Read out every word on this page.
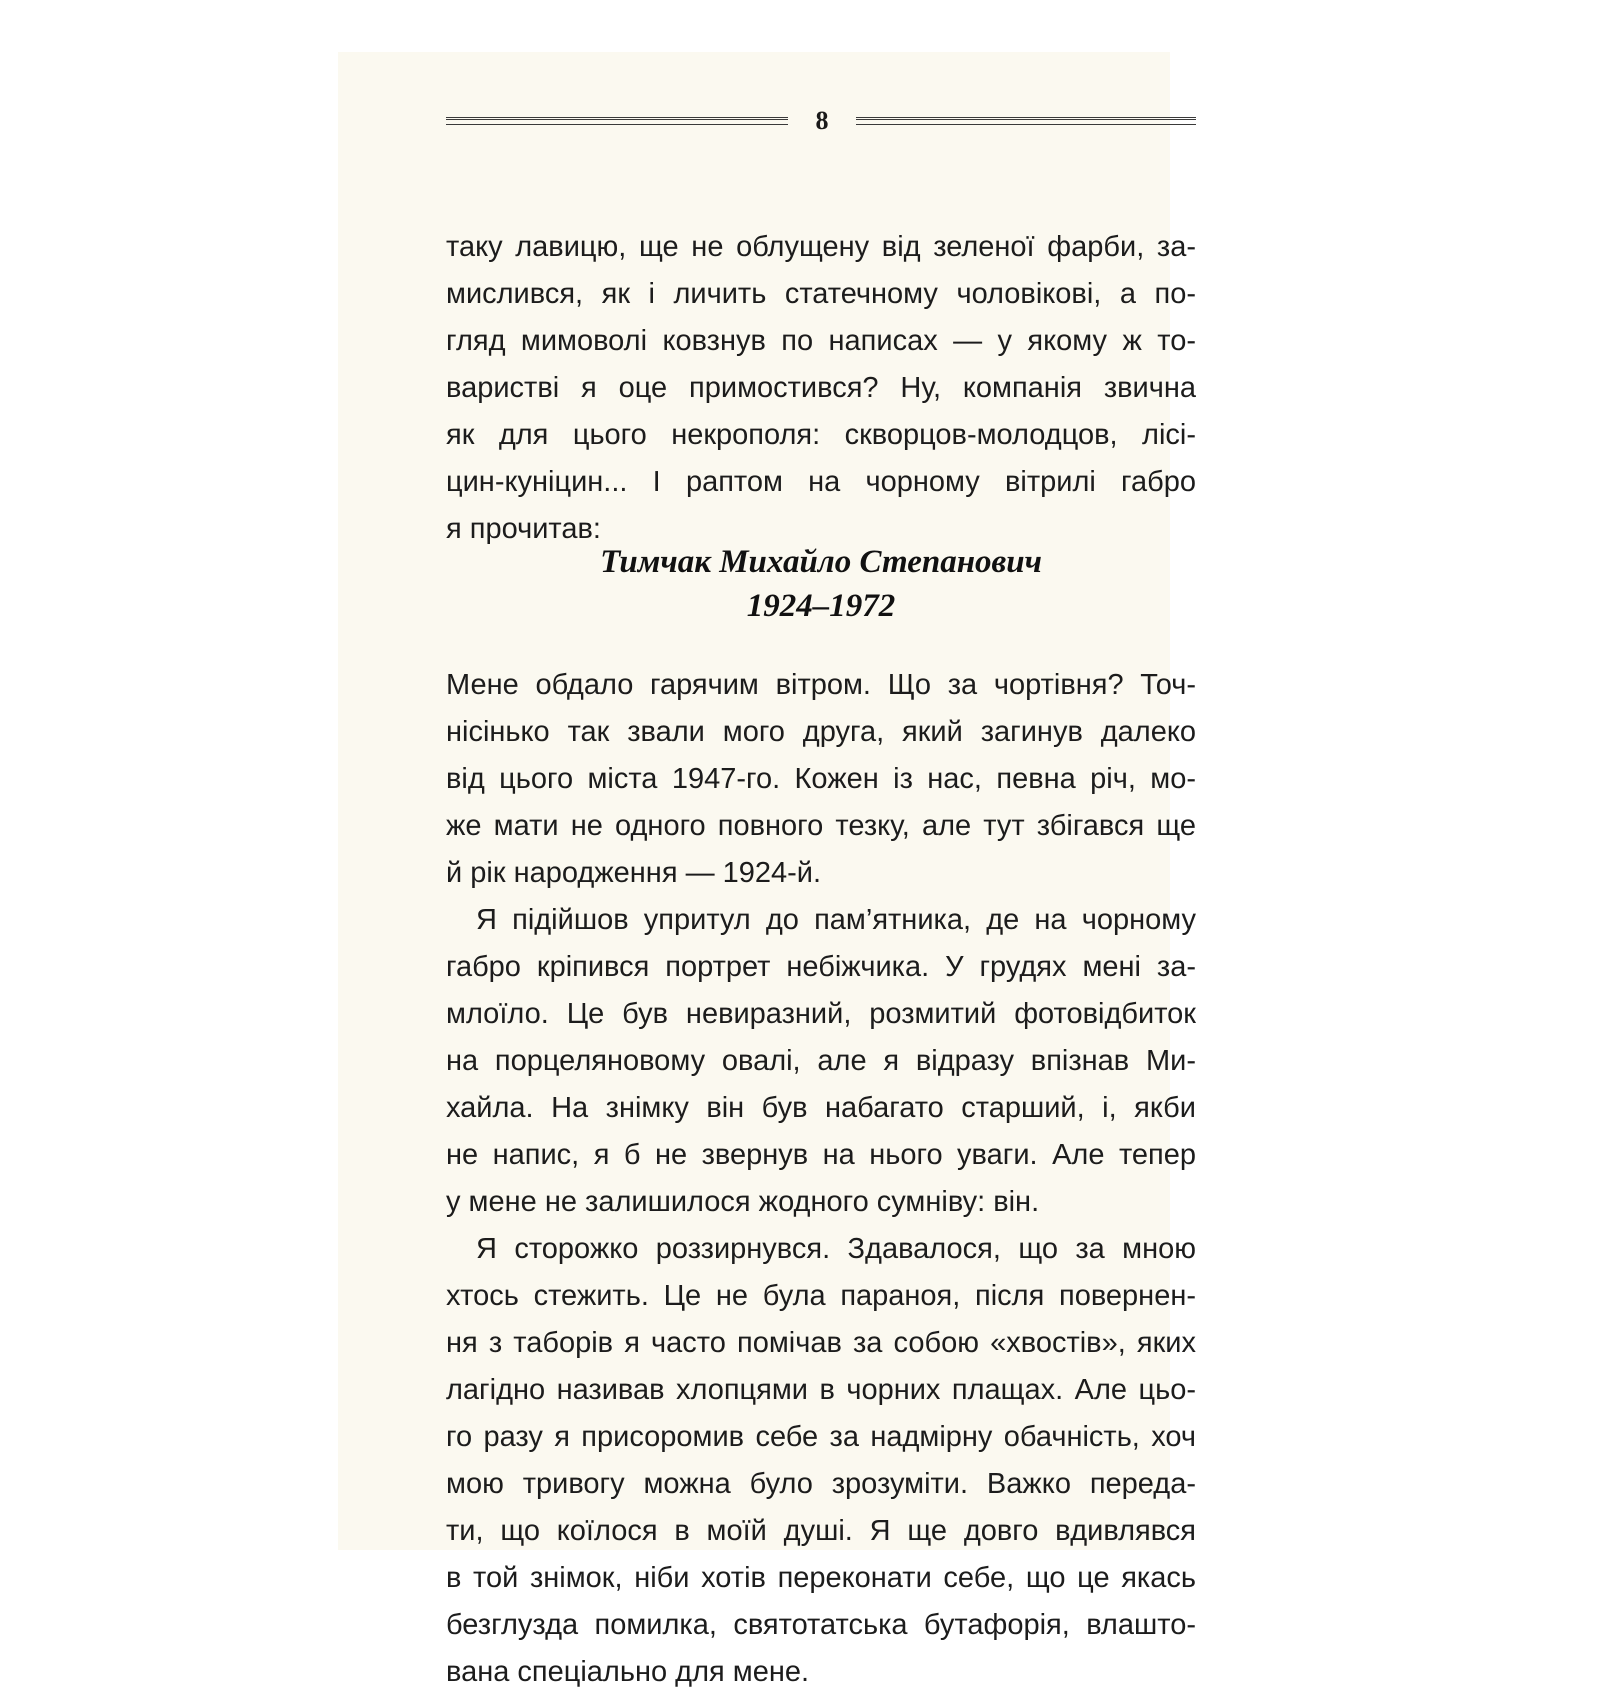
8
таку лавицю, ще не облущену від зеленої фарби, за-
мислився, як і личить статечному чоловікові, а по-
гляд мимоволі ковзнув по написах — у якому ж то-
варистві я оце примостився? Ну, компанія звична
як для цього некрополя: скворцов-молодцов, лісі-
цин-куніцин... І раптом на чорному вітрилі габро
я прочитав:
Тимчак Михайло Степанович
1924–1972
Мене обдало гарячим вітром. Що за чортівня? Точ-
нісінько так звали мого друга, який загинув далеко
від цього міста 1947-го. Кожен із нас, певна річ, мо-
же мати не одного повного тезку, але тут збігався ще
й рік народження — 1924-й.
Я підійшов упритул до пам’ятника, де на чорному
габро кріпився портрет небіжчика. У грудях мені за-
млоїло. Це був невиразний, розмитий фотовідбиток
на порцеляновому овалі, але я відразу впізнав Ми-
хайла. На знімку він був набагато старший, і, якби
не напис, я б не звернув на нього уваги. Але тепер
у мене не залишилося жодного сумніву: він.
Я сторожко роззирнувся. Здавалося, що за мною
хтось стежить. Це не була параноя, після повернен-
ня з таборів я часто помічав за собою «хвостів», яких
лагідно називав хлопцями в чорних плащах. Але цьо-
го разу я присоромив себе за надмірну обачність, хоч
мою тривогу можна було зрозуміти. Важко переда-
ти, що коїлося в моїй душі. Я ще довго вдивлявся
в той знімок, ніби хотів переконати себе, що це якась
безглузда помилка, святотатська бутафорія, влашто-
вана спеціально для мене.
